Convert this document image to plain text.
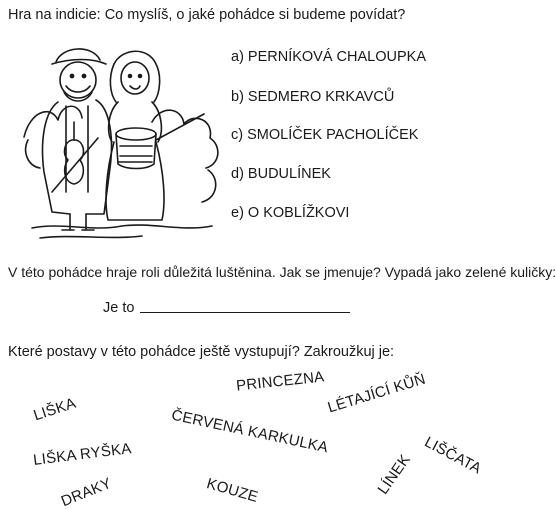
Hra na indicie: Co myslíš, o jaké pohádce si budeme povídat?
a) PERNÍKOVÁ CHALOUPKA
b) SEDMERO KRKAVCŮ
c) SMOLÍČEK PACHOLÍČEK
d) BUDULÍNEK
e) O KOBLÍŽKOVI
V této pohádce hraje roli důležitá luštěnina. Jak se jmenuje? Vypadá jako zelené kuličky:
Je to
Které postavy v této pohádce ještě vystupují? Zakroužkuj je:
PRINCEZNA LÉTAJÍCÍ KŮŇ
LIŠKA	ČERVENÁ KARKULKA
LIŠKA RYŠKA	LIŠČATA
DRAKY	KOUZE	LÍNEK
